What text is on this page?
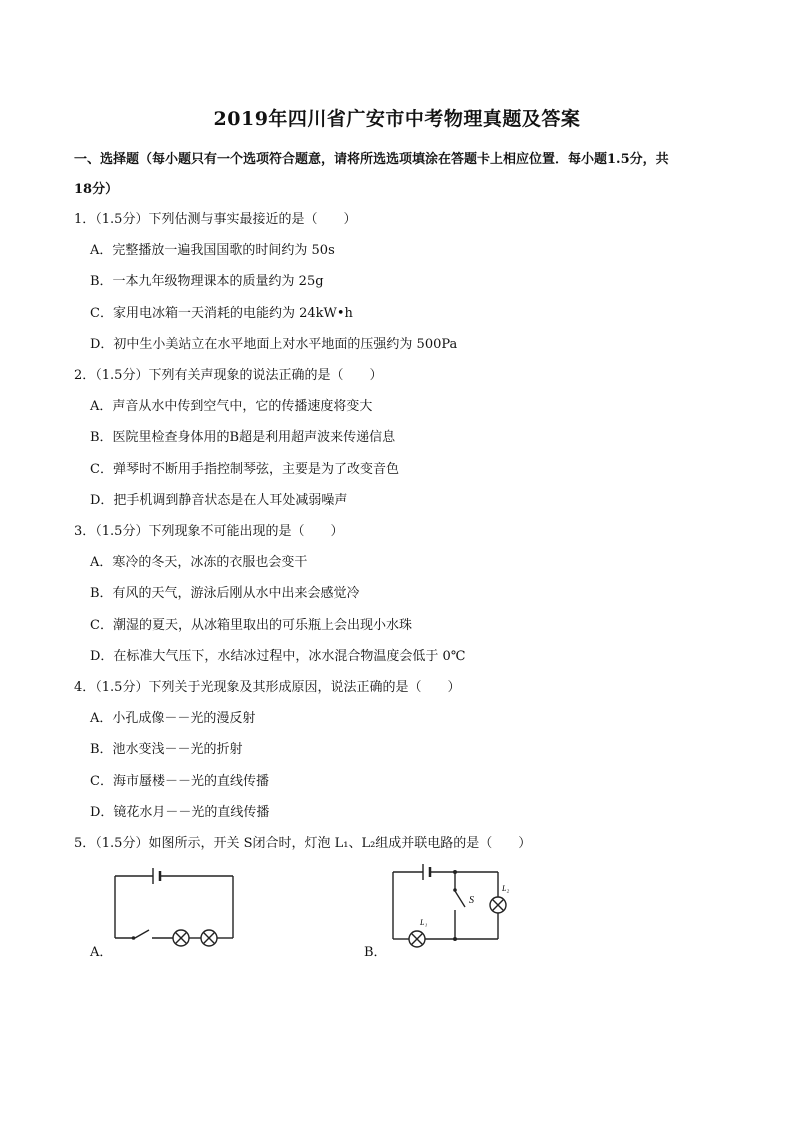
2019年四川省广安市中考物理真题及答案
一、选择题（每小题只有一个选项符合题意，请将所选选项填涂在答题卡上相应位置．每小题1.5分，共
18分）
1．（1.5分）下列估测与事实最接近的是（　　）
A．完整播放一遍我国国歌的时间约为 50s
B．一本九年级物理课本的质量约为 25g
C．家用电冰箱一天消耗的电能约为 24kW•h
D．初中生小美站立在水平地面上对水平地面的压强约为 500Pa
2．（1.5分）下列有关声现象的说法正确的是（　　）
A．声音从水中传到空气中，它的传播速度将变大
B．医院里检查身体用的B超是利用超声波来传递信息
C．弹琴时不断用手指控制琴弦，主要是为了改变音色
D．把手机调到静音状态是在人耳处减弱噪声
3．（1.5分）下列现象不可能出现的是（　　）
A．寒冷的冬天，冰冻的衣服也会变干
B．有风的天气，游泳后刚从水中出来会感觉冷
C．潮湿的夏天，从冰箱里取出的可乐瓶上会出现小水珠
D．在标准大气压下，水结冰过程中，冰水混合物温度会低于 0℃
4．（1.5分）下列关于光现象及其形成原因，说法正确的是（　　）
A．小孔成像－－光的漫反射
B．池水变浅－－光的折射
C．海市蜃楼－－光的直线传播
D．镜花水月－－光的直线传播
5．（1.5分）如图所示，开关 S闭合时，灯泡 L₁、L₂组成并联电路的是（　　）
A．	B．
S
L₂
L₁
